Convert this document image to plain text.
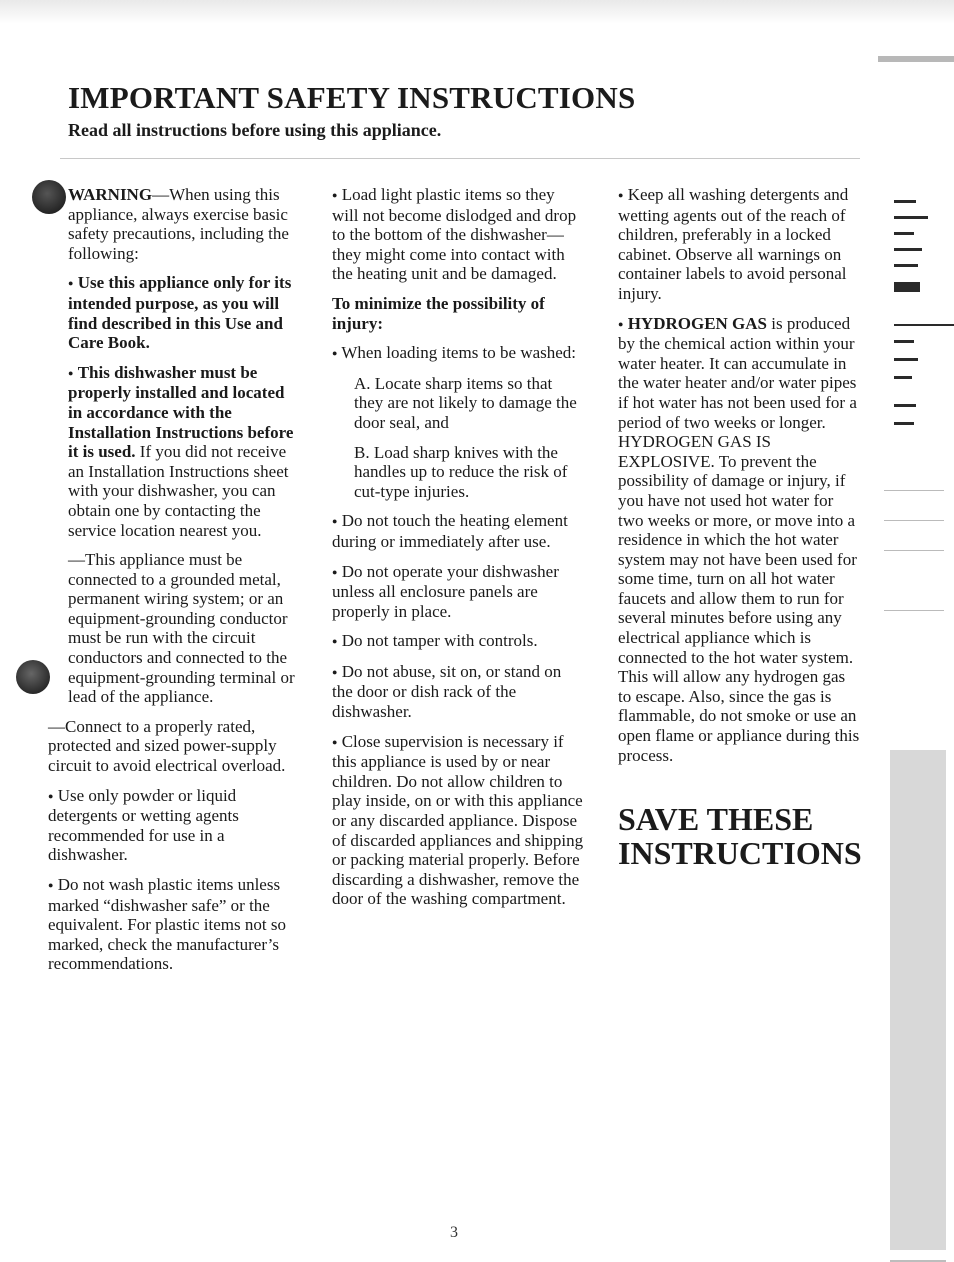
IMPORTANT SAFETY INSTRUCTIONS
Read all instructions before using this appliance.

WARNING—When using this appliance, always exercise basic safety precautions, including the following:

● Use this appliance only for its intended purpose, as you will find described in this Use and Care Book.

● This dishwasher must be properly installed and located in accordance with the Installation Instructions before it is used. If you did not receive an Installation Instructions sheet with your dishwasher, you can obtain one by contacting the service location nearest you.

—This appliance must be connected to a grounded metal, permanent wiring system; or an equipment-grounding conductor must be run with the circuit conductors and connected to the equipment-grounding terminal or lead of the appliance.

—Connect to a properly rated, protected and sized power-supply circuit to avoid electrical overload.

● Use only powder or liquid detergents or wetting agents recommended for use in a dishwasher.

● Do not wash plastic items unless marked “dishwasher safe” or the equivalent. For plastic items not so marked, check the manufacturer’s recommendations.

● Load light plastic items so they will not become dislodged and drop to the bottom of the dishwasher—they might come into contact with the heating unit and be damaged.

To minimize the possibility of injury:

● When loading items to be washed:

A. Locate sharp items so that they are not likely to damage the door seal, and

B. Load sharp knives with the handles up to reduce the risk of cut-type injuries.

● Do not touch the heating element during or immediately after use.

● Do not operate your dishwasher unless all enclosure panels are properly in place.

● Do not tamper with controls.

● Do not abuse, sit on, or stand on the door or dish rack of the dishwasher.

● Close supervision is necessary if this appliance is used by or near children. Do not allow children to play inside, on or with this appliance or any discarded appliance. Dispose of discarded appliances and shipping or packing material properly. Before discarding a dishwasher, remove the door of the washing compartment.

● Keep all washing detergents and wetting agents out of the reach of children, preferably in a locked cabinet. Observe all warnings on container labels to avoid personal injury.

● HYDROGEN GAS is produced by the chemical action within your water heater. It can accumulate in the water heater and/or water pipes if hot water has not been used for a period of two weeks or longer. HYDROGEN GAS IS EXPLOSIVE. To prevent the possibility of damage or injury, if you have not used hot water for two weeks or more, or move into a residence in which the hot water system may not have been used for some time, turn on all hot water faucets and allow them to run for several minutes before using any electrical appliance which is connected to the hot water system. This will allow any hydrogen gas to escape. Also, since the gas is flammable, do not smoke or use an open flame or appliance during this process.

SAVE THESE
INSTRUCTIONS
3
